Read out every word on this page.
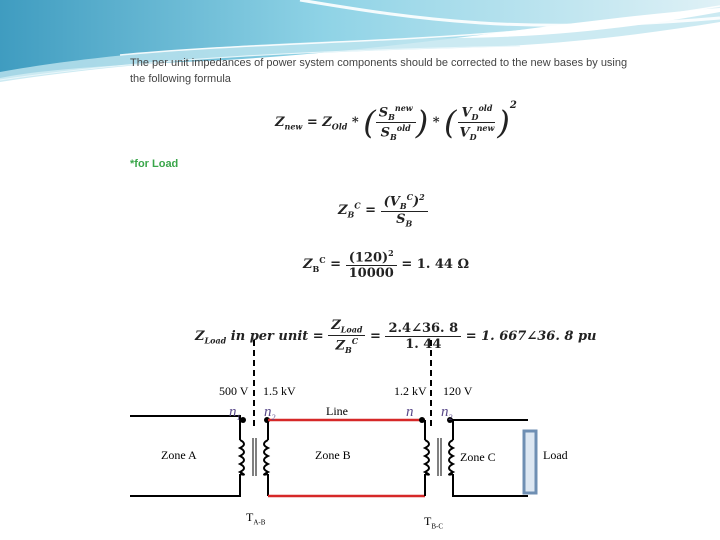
The per unit impedances of power system components should be corrected to the new bases by using
the following formula
$Z_{new} = Z_{Old}$ * ( $\frac{S_B^{new}}{S_B^{old}}$ ) * ( $\frac{V_D^{old}}{V_D^{new}} )^2$
*for Load
$Z_B^C = \frac{(V_B^C)^2}{S_B}$
$Z_B^C = \frac{(120)^2}{10000} = 1$. 44 Ω
$Z_{Load}$ in per unit = $\frac{Z_{Load}}{Z_B^C} = \frac{2.4\angle 36. 8}{1. 44} = 1$. 667∠36. 8 pu
500 V 1.5 kV	1.2 kV 120 V
$n_1$ $n_2$	n $n_2$
Line
Zone A	Zone B	Zone C	Load
$T_{A-B}$	$T_{B-C}$
